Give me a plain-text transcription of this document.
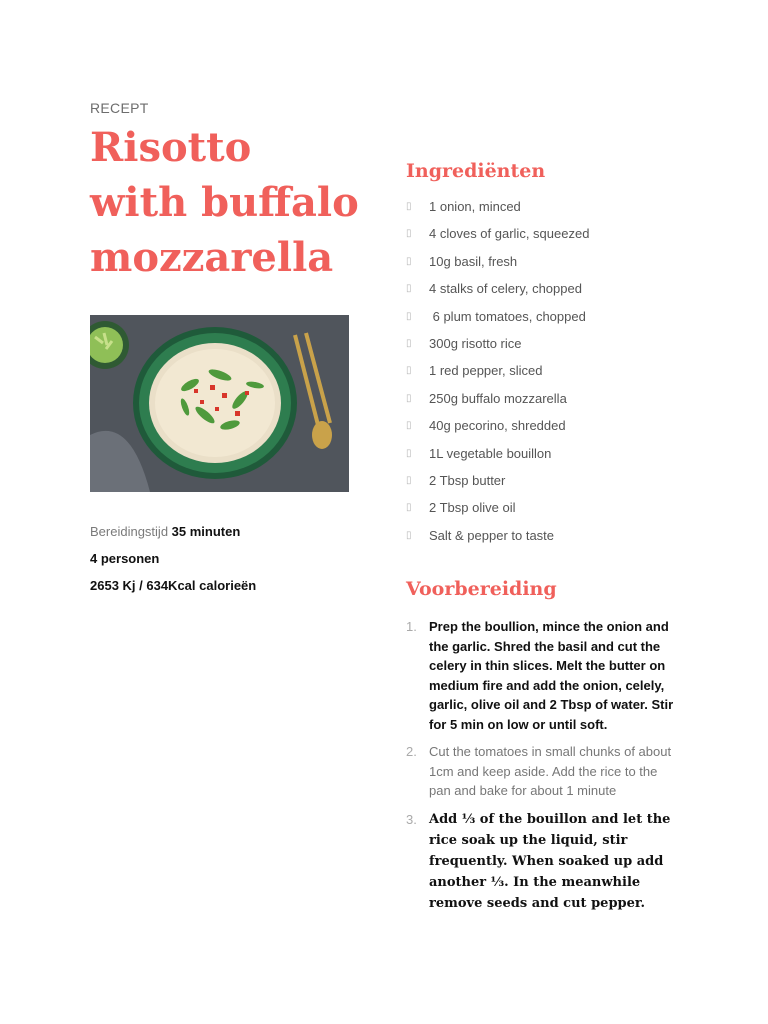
RECEPT
Risotto with buffalo mozzarella
Bereidingstijd 35 minuten
4 personen
2653 Kj / 634Kcal calorieën
Ingrediënten
▯	1 onion, minced
▯	4 cloves of garlic, squeezed
▯	10g basil, fresh
▯	4 stalks of celery, chopped
▯	6 plum tomatoes, chopped
▯	300g risotto rice
▯	1 red pepper, sliced
▯	250g buffalo mozzarella
▯	40g pecorino, shredded
▯	1L vegetable bouillon
▯	2 Tbsp butter
▯	2 Tbsp olive oil
▯	Salt & pepper to taste
Voorbereiding
1. Prep the boullion, mince the onion and the garlic. Shred the basil and cut the celery in thin slices. Melt the butter on medium fire and add the onion, celely, garlic, olive oil and 2 Tbsp of water. Stir for 5 min on low or until soft.
2. Cut the tomatoes in small chunks of about 1cm and keep aside. Add the rice to the pan and bake for about 1 minute
3. Add ⅓ of the bouillon and let the rice soak up the liquid, stir frequently. When soaked up add another ⅓. In the meanwhile remove seeds and cut pepper.
